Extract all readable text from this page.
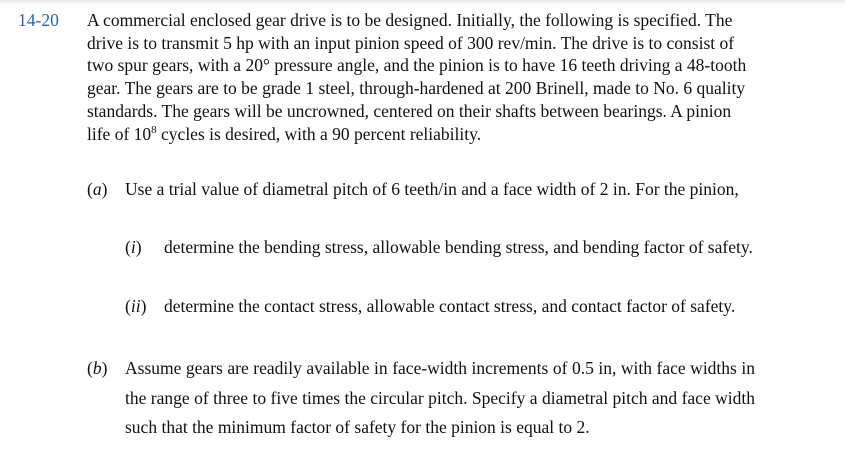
14-20 A commercial enclosed gear drive is to be designed. Initially, the following is specified. The drive is to transmit 5 hp with an input pinion speed of 300 rev/min. The drive is to consist of two spur gears, with a 20° pressure angle, and the pinion is to have 16 teeth driving a 48-tooth gear. The gears are to be grade 1 steel, through-hardened at 200 Brinell, made to No. 6 quality standards. The gears will be uncrowned, centered on their shafts between bearings. A pinion life of $10^8$ cycles is desired, with a 90 percent reliability.

(a) Use a trial value of diametral pitch of 6 teeth/in and a face width of 2 in. For the pinion,
(i) determine the bending stress, allowable bending stress, and bending factor of safety.
(ii) determine the contact stress, allowable contact stress, and contact factor of safety.
(b) Assume gears are readily available in face-width increments of 0.5 in, with face widths in the range of three to five times the circular pitch. Specify a diametral pitch and face width such that the minimum factor of safety for the pinion is equal to 2.
